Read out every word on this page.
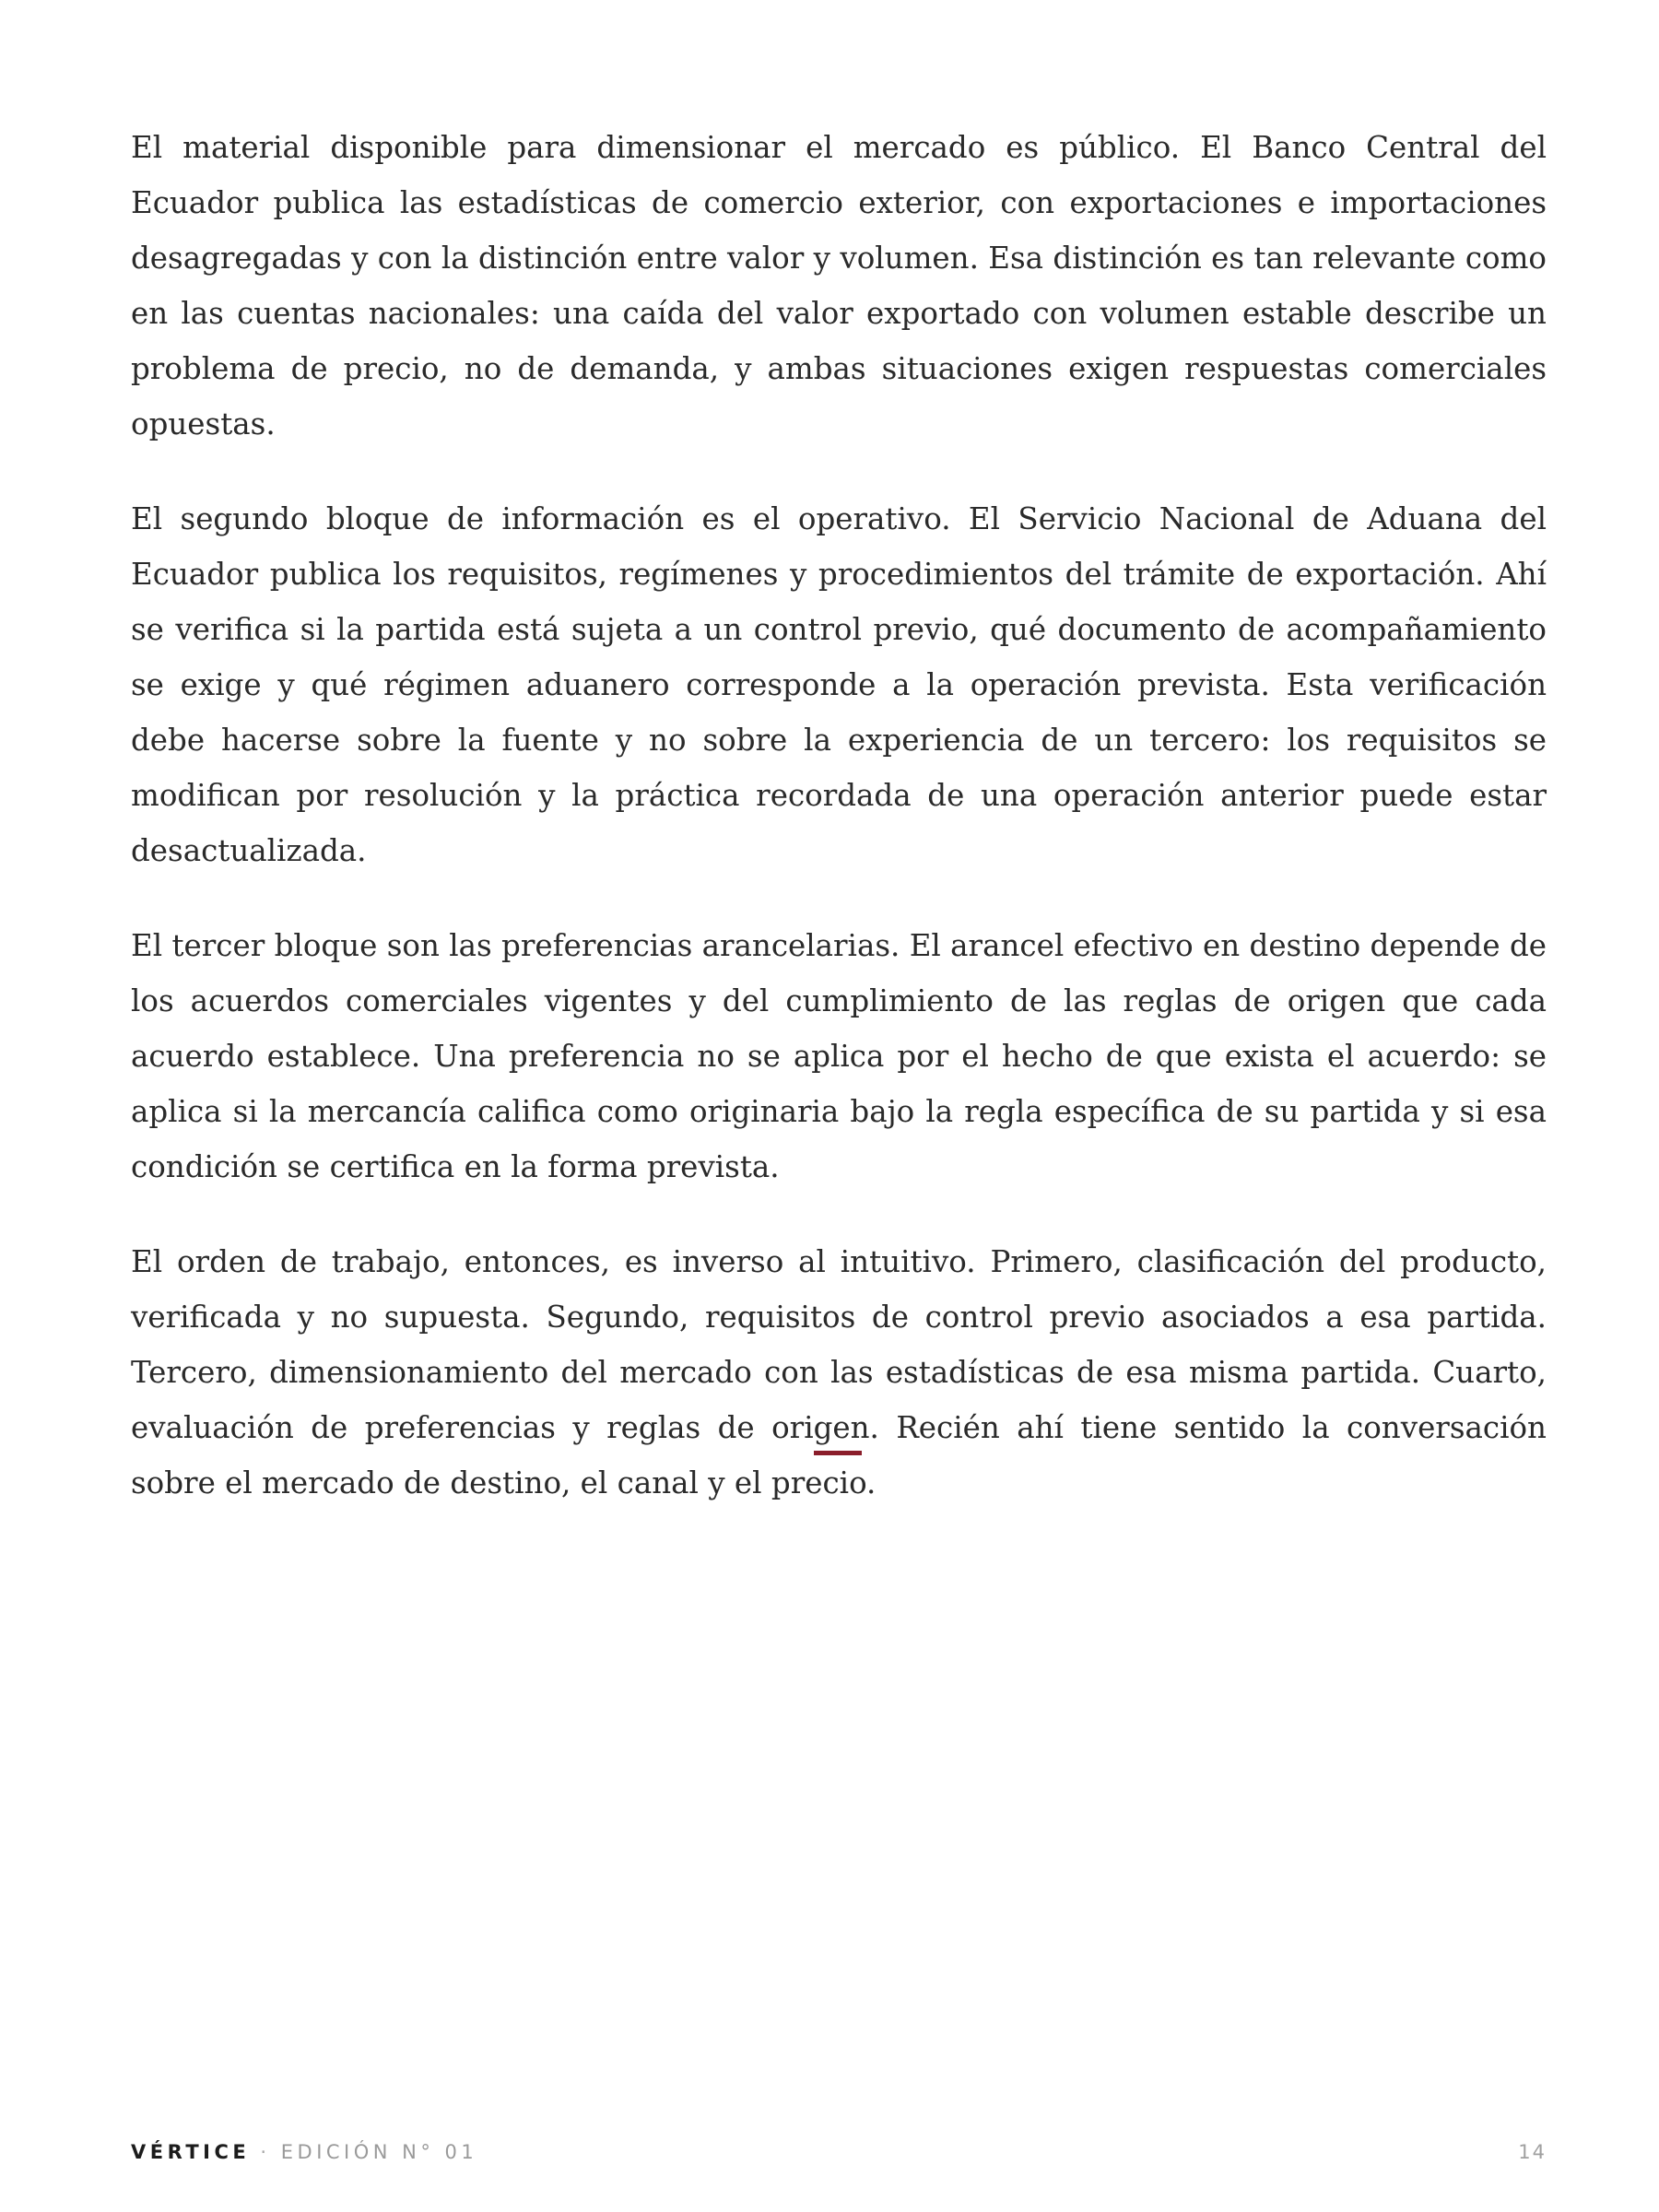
El material disponible para dimensionar el mercado es público. El Banco Central del Ecuador publica las estadísticas de comercio exterior, con exportaciones e importaciones desagregadas y con la distinción entre valor y volumen. Esa distinción es tan relevante como en las cuentas nacionales: una caída del valor exportado con volumen estable describe un problema de precio, no de demanda, y ambas situaciones exigen respuestas comerciales opuestas.

El segundo bloque de información es el operativo. El Servicio Nacional de Aduana del Ecuador publica los requisitos, regímenes y procedimientos del trámite de exportación. Ahí se verifica si la partida está sujeta a un control previo, qué documento de acompañamiento se exige y qué régimen aduanero corresponde a la operación prevista. Esta verificación debe hacerse sobre la fuente y no sobre la experiencia de un tercero: los requisitos se modifican por resolución y la práctica recordada de una operación anterior puede estar desactualizada.

El tercer bloque son las preferencias arancelarias. El arancel efectivo en destino depende de los acuerdos comerciales vigentes y del cumplimiento de las reglas de origen que cada acuerdo establece. Una preferencia no se aplica por el hecho de que exista el acuerdo: se aplica si la mercancía califica como originaria bajo la regla específica de su partida y si esa condición se certifica en la forma prevista.

El orden de trabajo, entonces, es inverso al intuitivo. Primero, clasificación del producto, verificada y no supuesta. Segundo, requisitos de control previo asociados a esa partida. Tercero, dimensionamiento del mercado con las estadísticas de esa misma partida. Cuarto, evaluación de preferencias y reglas de origen. Recién ahí tiene sentido la conversación sobre el mercado de destino, el canal y el precio.

VÉRTICE · EDICIÓN N° 01	14
